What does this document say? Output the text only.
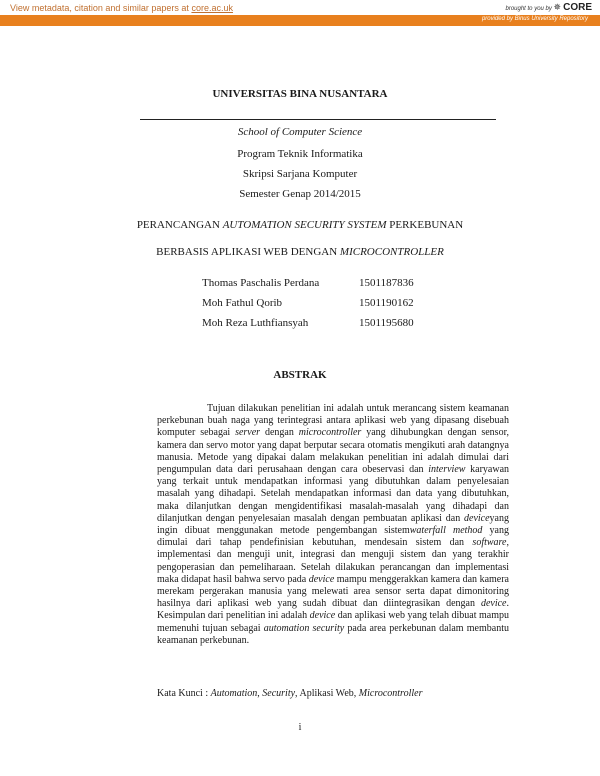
View metadata, citation and similar papers at core.ac.uk	brought to you by ✵ CORE
provided by Binus University Repository
UNIVERSITAS BINA NUSANTARA
School of Computer Science
Program Teknik Informatika
Skripsi Sarjana Komputer
Semester Genap 2014/2015
PERANCANGAN AUTOMATION SECURITY SYSTEM PERKEBUNAN
BERBASIS APLIKASI WEB DENGAN MICROCONTROLLER
Thomas Paschalis Perdana	1501187836
Moh Fathul Qorib	1501190162
Moh Reza Luthfiansyah	1501195680
ABSTRAK
Tujuan dilakukan penelitian ini adalah untuk merancang sistem keamanan perkebunan buah naga yang terintegrasi antara aplikasi web yang dipasang disebuah komputer sebagai server dengan microcontroller yang dihubungkan dengan sensor, kamera dan servo motor yang dapat berputar secara otomatis mengikuti arah datangnya manusia. Metode yang dipakai dalam melakukan penelitian ini adalah dimulai dari pengumpulan data dari perusahaan dengan cara obeservasi dan interview karyawan yang terkait untuk mendapatkan informasi yang dibutuhkan dalam penyelesaian masalah yang dihadapi. Setelah mendapatkan informasi dan data yang dibutuhkan, maka dilanjutkan dengan mengidentifikasi masalah-masalah yang dihadapi dan dilanjutkan dengan penyelesaian masalah dengan pembuatan aplikasi dan deviceyang ingin dibuat menggunakan metode pengembangan sistemwaterfall method yang dimulai dari tahap pendefinisian kebutuhan, mendesain sistem dan software, implementasi dan menguji unit, integrasi dan menguji sistem dan yang terakhir pengoperasian dan pemeliharaan. Setelah dilakukan perancangan dan implementasi maka didapat hasil bahwa servo pada device mampu menggerakkan kamera dan kamera merekam pergerakan manusia yang melewati area sensor serta dapat dimonitoring hasilnya dari aplikasi web yang sudah dibuat dan diintegrasikan dengan device. Kesimpulan dari penelitian ini adalah device dan aplikasi web yang telah dibuat mampu memenuhi tujuan sebagai automation security pada area perkebunan dalam membantu keamanan perkebunan.
Kata Kunci : Automation, Security, Aplikasi Web, Microcontroller
i
